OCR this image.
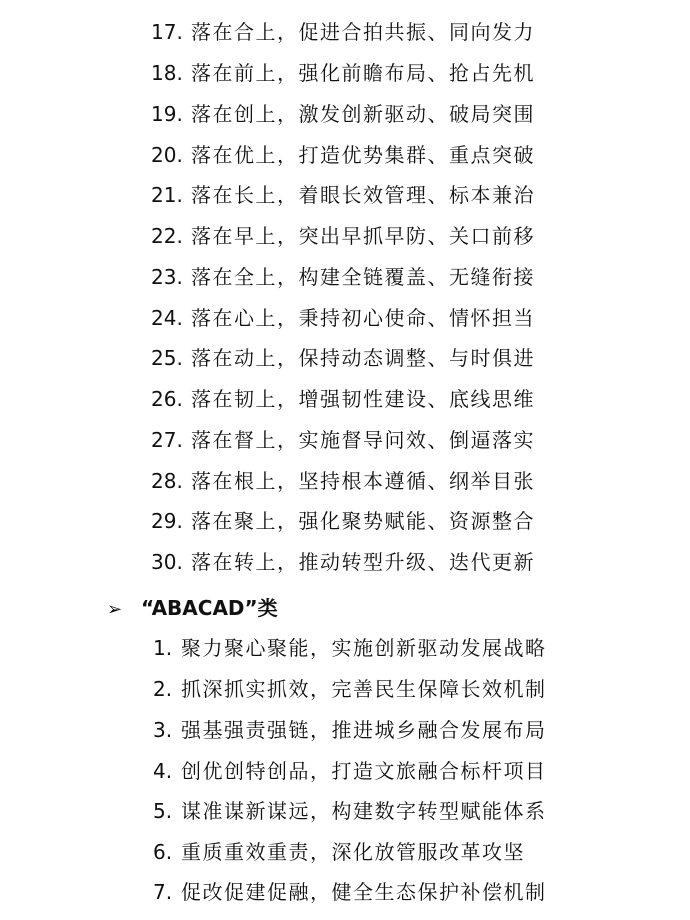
17. 落在合上，促进合拍共振、同向发力
18. 落在前上，强化前瞻布局、抢占先机
19. 落在创上，激发创新驱动、破局突围
20. 落在优上，打造优势集群、重点突破
21. 落在长上，着眼长效管理、标本兼治
22. 落在早上，突出早抓早防、关口前移
23. 落在全上，构建全链覆盖、无缝衔接
24. 落在心上，秉持初心使命、情怀担当
25. 落在动上，保持动态调整、与时俱进
26. 落在韧上，增强韧性建设、底线思维
27. 落在督上，实施督导问效、倒逼落实
28. 落在根上，坚持根本遵循、纲举目张
29. 落在聚上，强化聚势赋能、资源整合
30. 落在转上，推动转型升级、迭代更新
➢ “ABACAD”类
1. 聚力聚心聚能，实施创新驱动发展战略
2. 抓深抓实抓效，完善民生保障长效机制
3. 强基强责强链，推进城乡融合发展布局
4. 创优创特创品，打造文旅融合标杆项目
5. 谋准谋新谋远，构建数字转型赋能体系
6. 重质重效重责，深化放管服改革攻坚
7. 促改促建促融，健全生态保护补偿机制
